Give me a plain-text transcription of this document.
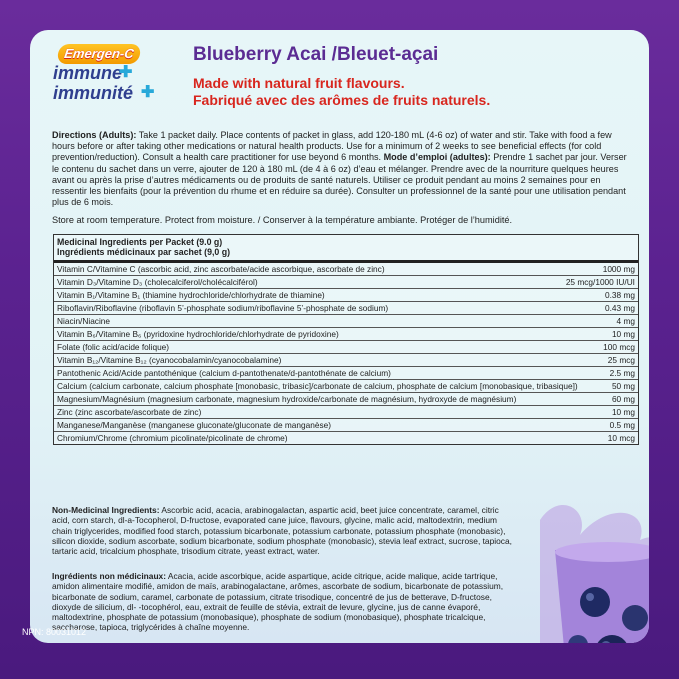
Emergen-C
immune
✚
immunité ✚
Blueberry Acai /Bleuet-açai
Made with natural fruit flavours.
Fabriqué avec des arômes de fruits naturels.
Directions (Adults): Take 1 packet daily. Place contents of packet in glass, add 120-180 mL (4-6 oz) of water and stir. Take with food a few hours before or after taking other medications or natural health products. Use for a minimum of 2 weeks to see beneficial effects (for cold prevention/reduction). Consult a health care practitioner for use beyond 6 months. Mode d’emploi (adultes): Prendre 1 sachet par jour. Verser le contenu du sachet dans un verre, ajouter de 120 à 180 mL (de 4 à 6 oz) d’eau et mélanger. Prendre avec de la nourriture quelques heures avant ou après la prise d’autres médicaments ou de produits de santé naturels. Utiliser ce produit pendant au moins 2 semaines pour en ressentir les bienfaits (pour la prévention du rhume et en réduire sa durée). Consulter un professionnel de la santé pour une utilisation pendant plus de 6 mois.
Store at room temperature. Protect from moisture. / Conserver à la température ambiante. Protéger de l’humidité.
Medicinal Ingredients per Packet (9.0 g)
Ingrédients médicinaux par sachet (9,0 g)
Vitamin C/Vitamine C (ascorbic acid, zinc ascorbate/acide ascorbique, ascorbate de zinc)	1000 mg
Vitamin D₃/Vitamine D₃ (cholecalciferol/cholécalciférol)	25 mcg/1000 IU/UI
Vitamin B₁/Vitamine B₁ (thiamine hydrochloride/chlorhydrate de thiamine)	0.38 mg
Riboflavin/Riboflavine (riboflavin 5’-phosphate sodium/riboflavine 5’-phosphate de sodium)	0.43 mg
Niacin/Niacine	4 mg
Vitamin B₆/Vitamine B₆ (pyridoxine hydrochloride/chlorhydrate de pyridoxine)	10 mg
Folate (folic acid/acide folique)	100 mcg
Vitamin B₁₂/Vitamine B₁₂ (cyanocobalamin/cyanocobalamine)	25 mcg
Pantothenic Acid/Acide pantothénique (calcium d-pantothenate/d-pantothénate de calcium)	2.5 mg
Calcium (calcium carbonate, calcium phosphate [monobasic, tribasic]/carbonate de calcium, phosphate de calcium [monobasique, tribasique])	50 mg
Magnesium/Magnésium (magnesium carbonate, magnesium hydroxide/carbonate de magnésium, hydroxyde de magnésium)	60 mg
Zinc (zinc ascorbate/ascorbate de zinc)	10 mg
Manganese/Manganèse (manganese gluconate/gluconate de manganèse)	0.5 mg
Chromium/Chrome (chromium picolinate/picolinate de chrome)	10 mcg
Non-Medicinal Ingredients: Ascorbic acid, acacia, arabinogalactan, aspartic acid, beet juice concentrate, caramel, citric acid, corn starch, dl-a-Tocopherol, D-fructose, evaporated cane juice, flavours, glycine, malic acid, maltodextrin, medium chain triglycerides, modified food starch, potassium bicarbonate, potassium carbonate, potassium phosphate (monobasic), silicon dioxide, sodium ascorbate, sodium bicarbonate, sodium phosphate (monobasic), stevia leaf extract, sucrose, tapioca, tartaric acid, tricalcium phosphate, trisodium citrate, yeast extract, water.
Ingrédients non médicinaux: Acacia, acide ascorbique, acide aspartique, acide citrique, acide malique, acide tartrique, amidon alimentaire modifié, amidon de maïs, arabinogalactane, arômes, ascorbate de sodium, bicarbonate de potassium, bicarbonate de sodium, caramel, carbonate de potassium, citrate trisodique, concentré de jus de betterave, D-fructose, dioxyde de silicium, dl- -tocophérol, eau, extrait de feuille de stévia, extrait de levure, glycine, jus de canne évaporé, maltodextrine, phosphate de potassium (monobasique), phosphate de sodium (monobasique), phosphate tricalcique, saccharose, tapioca, triglycérides à chaîne moyenne.
NPN: 80031012
